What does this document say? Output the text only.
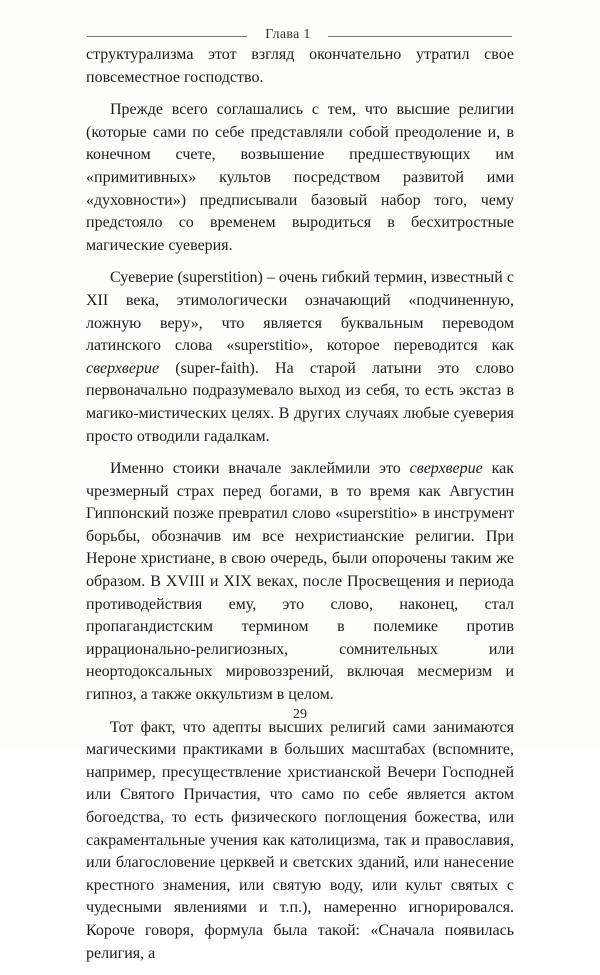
Глава 1

структурализма этот взгляд окончательно утратил свое повсеместное господство.

Прежде всего соглашались с тем, что высшие религии (которые сами по себе представляли собой преодоление и, в конечном счете, возвышение предшествующих им «примитивных» культов посредством развитой ими «духовности») предписывали базовый набор того, чему предстояло со временем выродиться в бесхитростные магические суеверия.

Суеверие (superstition) – очень гибкий термин, известный с XII века, этимологически означающий «подчиненную, ложную веру», что является буквальным переводом латинского слова «superstitio», которое переводится как сверхверие (super-faith). На старой латыни это слово первоначально подразумевало выход из себя, то есть экстаз в магико-мистических целях. В других случаях любые суеверия просто отводили гадалкам.

Именно стоики вначале заклеймили это сверхверие как чрезмерный страх перед богами, в то время как Августин Гиппонский позже превратил слово «superstitio» в инструмент борьбы, обозначив им все нехристианские религии. При Нероне христиане, в свою очередь, были опорочены таким же образом. В XVIII и XIX веках, после Просвещения и периода противодействия ему, это слово, наконец, стал пропагандистским термином в полемике против иррационально-религиозных, сомнительных или неортодоксальных мировоззрений, включая месмеризм и гипноз, а также оккультизм в целом.

Тот факт, что адепты высших религий сами занимаются магическими практиками в больших масштабах (вспомните, например, пресуществление христианской Вечери Господней или Святого Причастия, что само по себе является актом богоедства, то есть физического поглощения божества, или сакраментальные учения как католицизма, так и православия, или благословение церквей и светских зданий, или нанесение крестного знамения, или святую воду, или культ святых с чудесными явлениями и т.п.), намеренно игнорировался. Короче говоря, формула была такой: «Сначала появилась религия, а

29
